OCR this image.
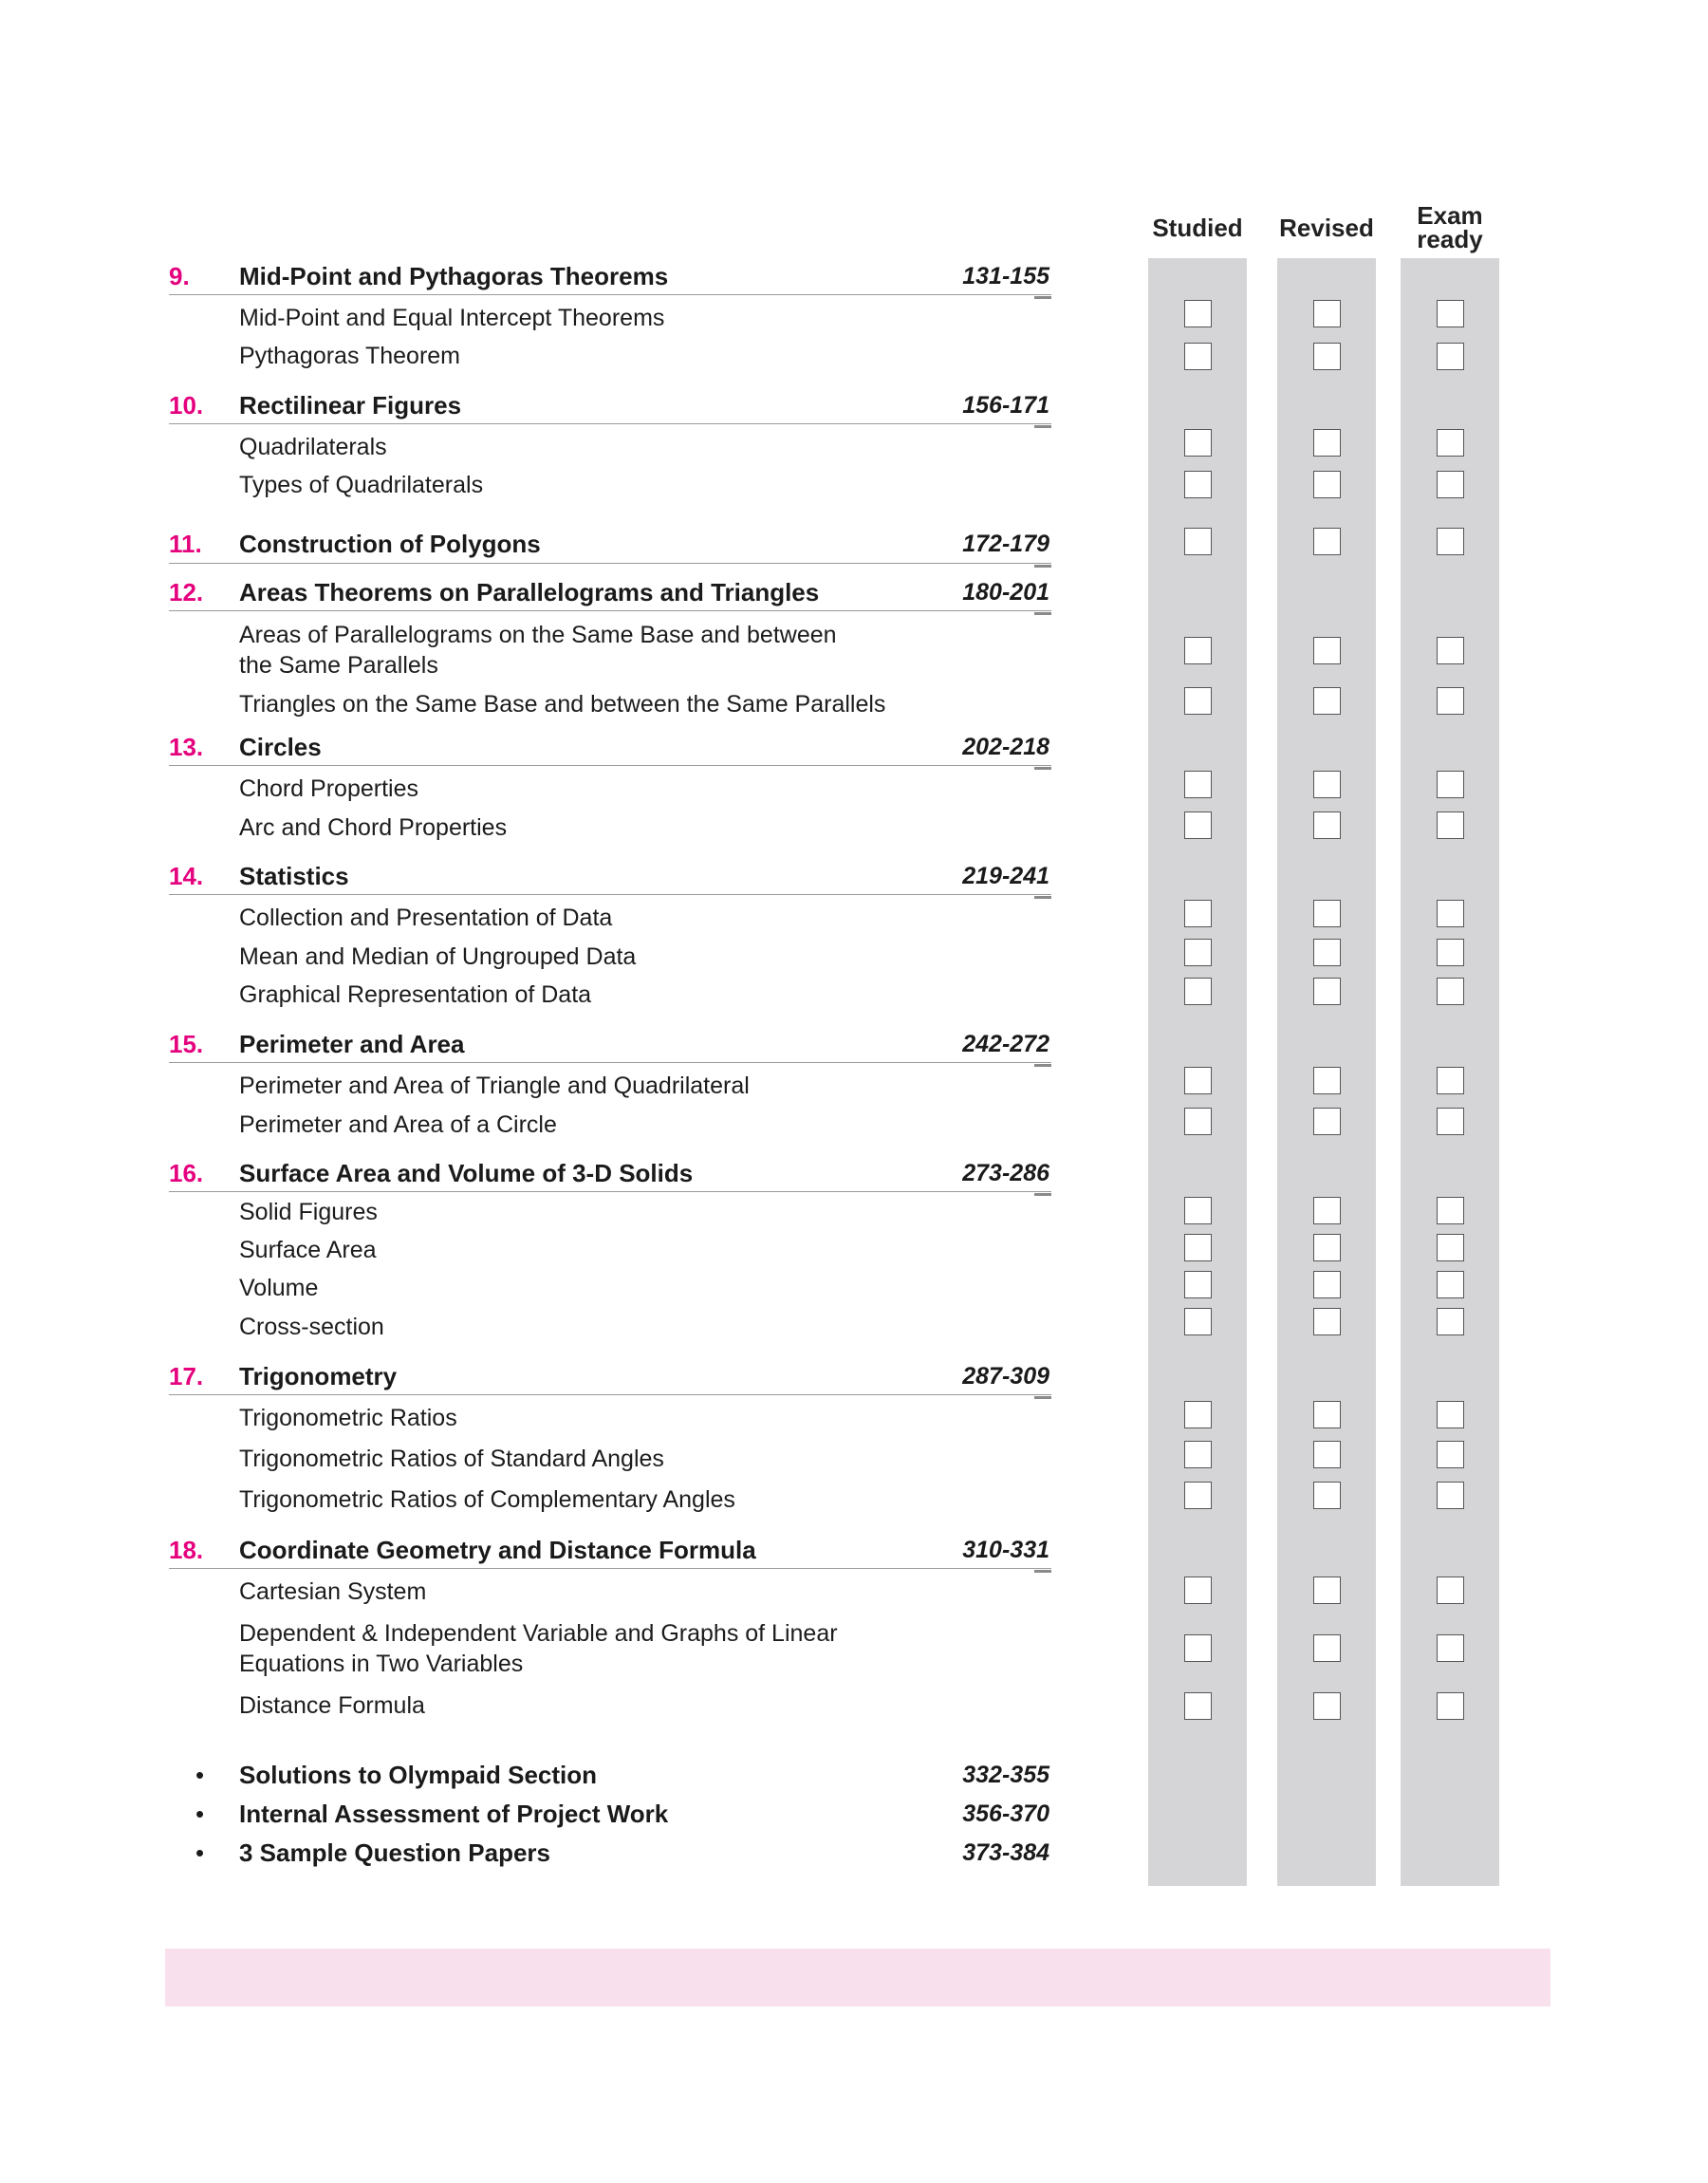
Studied	Revised	Exam
ready
9.	Mid-Point and Pythagoras Theorems	131-155
Mid-Point and Equal Intercept Theorems
Pythagoras Theorem
10.	Rectilinear Figures	156-171
Quadrilaterals
Types of Quadrilaterals
11.	Construction of Polygons	172-179
12.	Areas Theorems on Parallelograms and Triangles	180-201
Areas of Parallelograms on the Same Base and between
the Same Parallels
Triangles on the Same Base and between the Same Parallels
13.	Circles	202-218
Chord Properties
Arc and Chord Properties
14.	Statistics	219-241
Collection and Presentation of Data
Mean and Median of Ungrouped Data
Graphical Representation of Data
15.	Perimeter and Area	242-272
Perimeter and Area of Triangle and Quadrilateral
Perimeter and Area of a Circle
16.	Surface Area and Volume of 3-D Solids	273-286
Solid Figures
Surface Area
Volume
Cross-section
17.	Trigonometry	287-309
Trigonometric Ratios
Trigonometric Ratios of Standard Angles
Trigonometric Ratios of Complementary Angles
18.	Coordinate Geometry and Distance Formula	310-331
Cartesian System
Dependent & Independent Variable and Graphs of Linear
Equations in Two Variables
Distance Formula
• Solutions to Olympaid Section	332-355
• Internal Assessment of Project Work	356-370
• 3 Sample Question Papers	373-384
